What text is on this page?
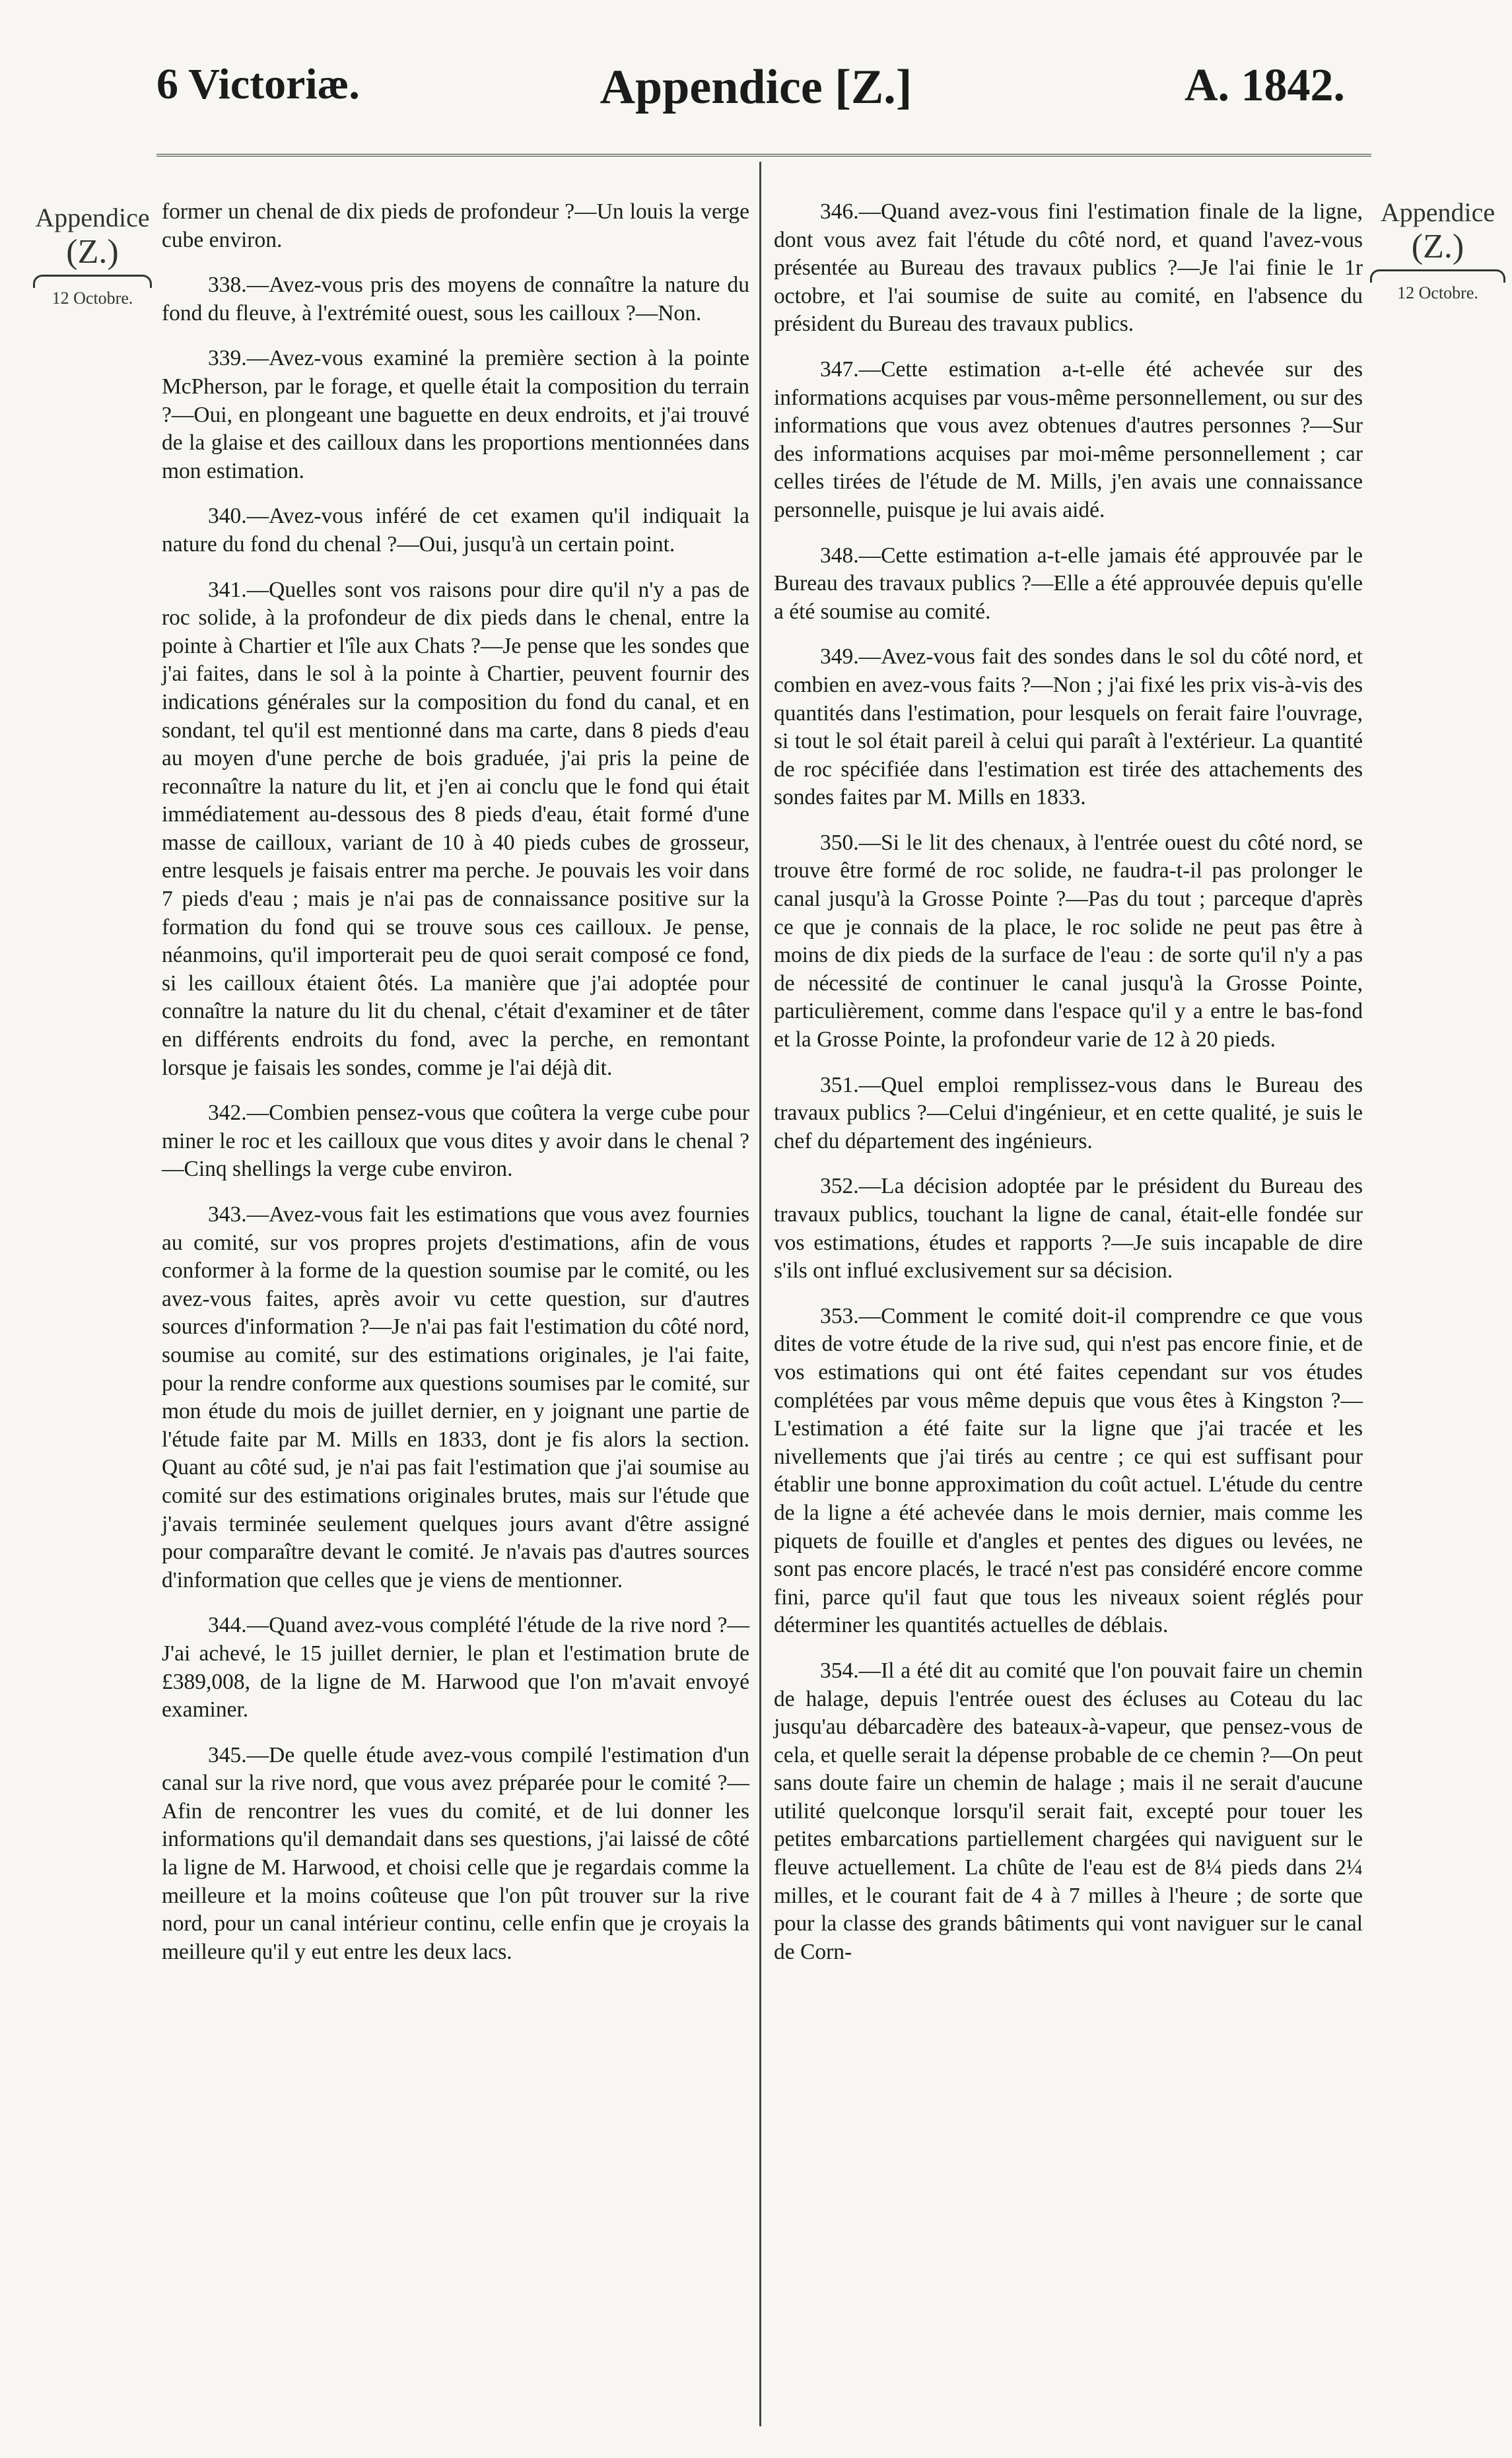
6 Victoriæ.	Appendice [Z.]	A. 1842.
Appendice
(Z.)
12 Octobre.
Appendice
(Z.)
12 Octobre.

former un chenal de dix pieds de profondeur ?—Un louis la verge cube environ.

338.—Avez-vous pris des moyens de connaître la nature du fond du fleuve, à l'extrémité ouest, sous les cailloux ?—Non.

339.—Avez-vous examiné la première section à la pointe McPherson, par le forage, et quelle était la composition du terrain ?—Oui, en plongeant une baguette en deux endroits, et j'ai trouvé de la glaise et des cailloux dans les proportions mentionnées dans mon estimation.

340.—Avez-vous inféré de cet examen qu'il indiquait la nature du fond du chenal ?—Oui, jusqu'à un certain point.

341.—Quelles sont vos raisons pour dire qu'il n'y a pas de roc solide, à la profondeur de dix pieds dans le chenal, entre la pointe à Chartier et l'île aux Chats ?—Je pense que les sondes que j'ai faites, dans le sol à la pointe à Chartier, peuvent fournir des indications générales sur la composition du fond du canal, et en sondant, tel qu'il est mentionné dans ma carte, dans 8 pieds d'eau au moyen d'une perche de bois graduée, j'ai pris la peine de reconnaître la nature du lit, et j'en ai conclu que le fond qui était immédiatement au-dessous des 8 pieds d'eau, était formé d'une masse de cailloux, variant de 10 à 40 pieds cubes de grosseur, entre lesquels je faisais entrer ma perche. Je pouvais les voir dans 7 pieds d'eau ; mais je n'ai pas de connaissance positive sur la formation du fond qui se trouve sous ces cailloux. Je pense, néanmoins, qu'il importerait peu de quoi serait composé ce fond, si les cailloux étaient ôtés. La manière que j'ai adoptée pour connaître la nature du lit du chenal, c'était d'examiner et de tâter en différents endroits du fond, avec la perche, en remontant lorsque je faisais les sondes, comme je l'ai déjà dit.

342.—Combien pensez-vous que coûtera la verge cube pour miner le roc et les cailloux que vous dites y avoir dans le chenal ?—Cinq shellings la verge cube environ.

343.—Avez-vous fait les estimations que vous avez fournies au comité, sur vos propres projets d'estimations, afin de vous conformer à la forme de la question soumise par le comité, ou les avez-vous faites, après avoir vu cette question, sur d'autres sources d'information ?—Je n'ai pas fait l'estimation du côté nord, soumise au comité, sur des estimations originales, je l'ai faite, pour la rendre conforme aux questions soumises par le comité, sur mon étude du mois de juillet dernier, en y joignant une partie de l'étude faite par M. Mills en 1833, dont je fis alors la section. Quant au côté sud, je n'ai pas fait l'estimation que j'ai soumise au comité sur des estimations originales brutes, mais sur l'étude que j'avais terminée seulement quelques jours avant d'être assigné pour comparaître devant le comité. Je n'avais pas d'autres sources d'information que celles que je viens de mentionner.

344.—Quand avez-vous complété l'étude de la rive nord ?—J'ai achevé, le 15 juillet dernier, le plan et l'estimation brute de £389,008, de la ligne de M. Harwood que l'on m'avait envoyé examiner.

345.—De quelle étude avez-vous compilé l'estimation d'un canal sur la rive nord, que vous avez préparée pour le comité ?—Afin de rencontrer les vues du comité, et de lui donner les informations qu'il demandait dans ses questions, j'ai laissé de côté la ligne de M. Harwood, et choisi celle que je regardais comme la meilleure et la moins coûteuse que l'on pût trouver sur la rive nord, pour un canal intérieur continu, celle enfin que je croyais la meilleure qu'il y eut entre les deux lacs.

346.—Quand avez-vous fini l'estimation finale de la ligne, dont vous avez fait l'étude du côté nord, et quand l'avez-vous présentée au Bureau des travaux publics ?—Je l'ai finie le 1r octobre, et l'ai soumise de suite au comité, en l'absence du président du Bureau des travaux publics.

347.—Cette estimation a-t-elle été achevée sur des informations acquises par vous-même personnellement, ou sur des informations que vous avez obtenues d'autres personnes ?—Sur des informations acquises par moi-même personnellement ; car celles tirées de l'étude de M. Mills, j'en avais une connaissance personnelle, puisque je lui avais aidé.

348.—Cette estimation a-t-elle jamais été approuvée par le Bureau des travaux publics ?—Elle a été approuvée depuis qu'elle a été soumise au comité.

349.—Avez-vous fait des sondes dans le sol du côté nord, et combien en avez-vous faits ?—Non ; j'ai fixé les prix vis-à-vis des quantités dans l'estimation, pour lesquels on ferait faire l'ouvrage, si tout le sol était pareil à celui qui paraît à l'extérieur. La quantité de roc spécifiée dans l'estimation est tirée des attachements des sondes faites par M. Mills en 1833.

350.—Si le lit des chenaux, à l'entrée ouest du côté nord, se trouve être formé de roc solide, ne faudra-t-il pas prolonger le canal jusqu'à la Grosse Pointe ?—Pas du tout ; parceque d'après ce que je connais de la place, le roc solide ne peut pas être à moins de dix pieds de la surface de l'eau : de sorte qu'il n'y a pas de nécessité de continuer le canal jusqu'à la Grosse Pointe, particulièrement, comme dans l'espace qu'il y a entre le bas-fond et la Grosse Pointe, la profondeur varie de 12 à 20 pieds.

351.—Quel emploi remplissez-vous dans le Bureau des travaux publics ?—Celui d'ingénieur, et en cette qualité, je suis le chef du département des ingénieurs.

352.—La décision adoptée par le président du Bureau des travaux publics, touchant la ligne de canal, était-elle fondée sur vos estimations, études et rapports ?—Je suis incapable de dire s'ils ont influé exclusivement sur sa décision.

353.—Comment le comité doit-il comprendre ce que vous dites de votre étude de la rive sud, qui n'est pas encore finie, et de vos estimations qui ont été faites cependant sur vos études complétées par vous même depuis que vous êtes à Kingston ?—L'estimation a été faite sur la ligne que j'ai tracée et les nivellements que j'ai tirés au centre ; ce qui est suffisant pour établir une bonne approximation du coût actuel. L'étude du centre de la ligne a été achevée dans le mois dernier, mais comme les piquets de fouille et d'angles et pentes des digues ou levées, ne sont pas encore placés, le tracé n'est pas considéré encore comme fini, parce qu'il faut que tous les niveaux soient réglés pour déterminer les quantités actuelles de déblais.

354.—Il a été dit au comité que l'on pouvait faire un chemin de halage, depuis l'entrée ouest des écluses au Coteau du lac jusqu'au débarcadère des bateaux-à-vapeur, que pensez-vous de cela, et quelle serait la dépense probable de ce chemin ?—On peut sans doute faire un chemin de halage ; mais il ne serait d'aucune utilité quelconque lorsqu'il serait fait, excepté pour touer les petites embarcations partiellement chargées qui naviguent sur le fleuve actuellement. La chûte de l'eau est de 8¼ pieds dans 2¼ milles, et le courant fait de 4 à 7 milles à l'heure ; de sorte que pour la classe des grands bâtiments qui vont naviguer sur le canal de Corn-
